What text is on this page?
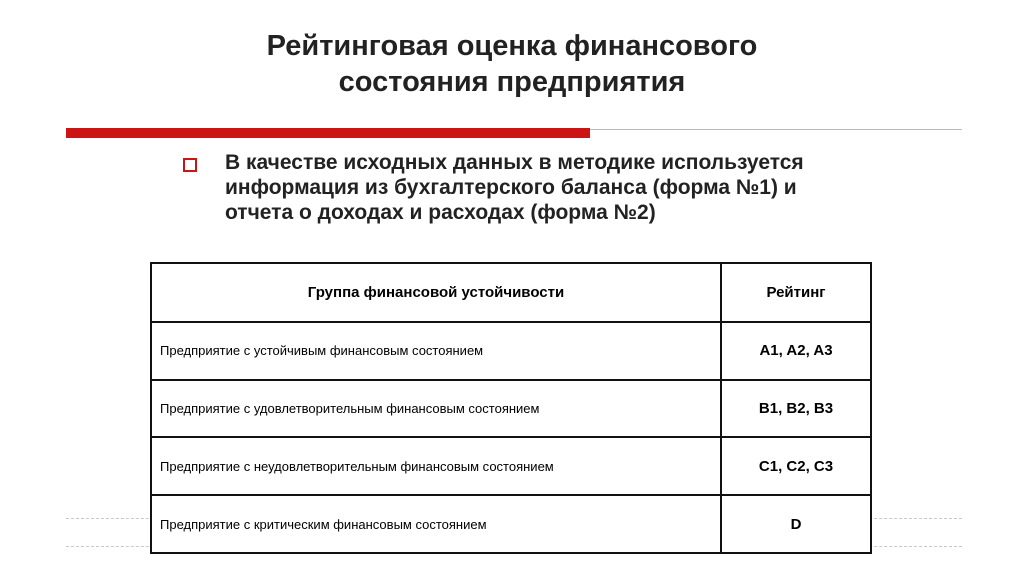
Рейтинговая оценка финансового
состояния предприятия
В качестве исходных данных в методике используется информация из бухгалтерского баланса (форма №1) и отчета о доходах и расходах (форма №2)
Группа финансовой устойчивости	Рейтинг
Предприятие с устойчивым финансовым состоянием	A1, A2, A3
Предприятие с удовлетворительным финансовым состоянием	B1, B2, B3
Предприятие с неудовлетворительным финансовым состоянием	C1, C2, C3
Предприятие с критическим финансовым состоянием	D
